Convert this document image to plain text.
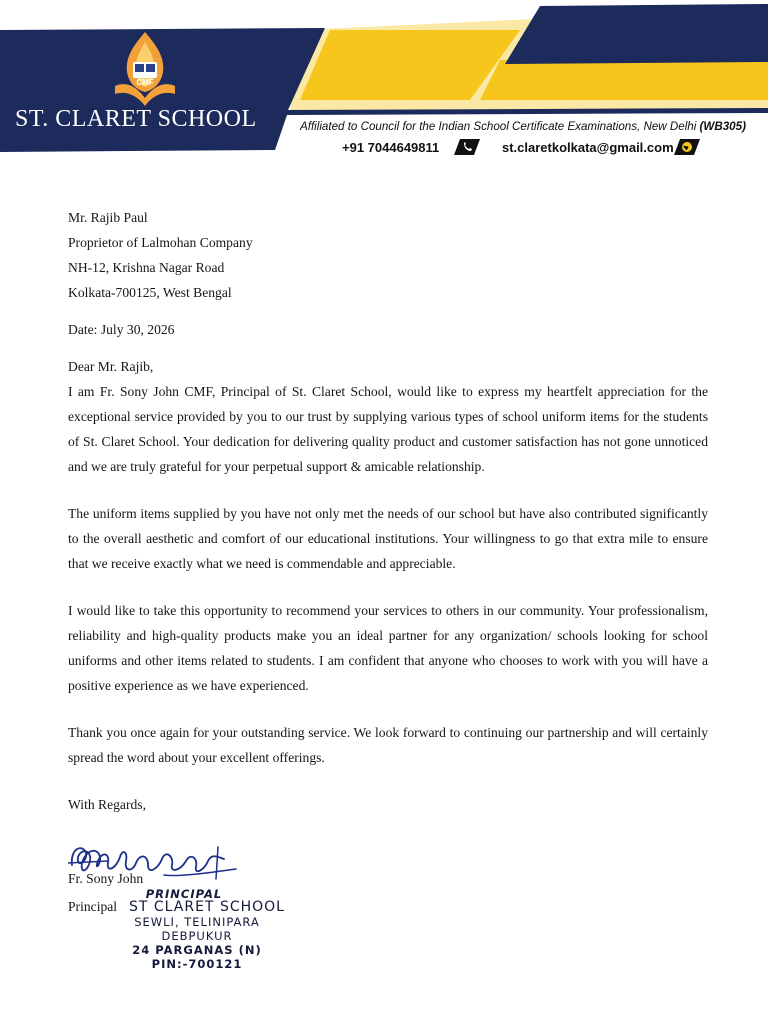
CMF
ST. CLARET SCHOOL	Affiliated to Council for the Indian School Certificate Examinations, New Delhi (WB305)
+91 7044649811	st.claretkolkata@gmail.com
Mr. Rajib Paul
Proprietor of Lalmohan Company
NH-12, Krishna Nagar Road
Kolkata-700125, West Bengal
Date: July 30, 2026
Dear Mr. Rajib,

I am Fr. Sony John CMF, Principal of St. Claret School, would like to express my heartfelt appreciation for the exceptional service provided by you to our trust by supplying various types of school uniform items for the students of St. Claret School. Your dedication for delivering quality product and customer satisfaction has not gone unnoticed and we are truly grateful for your perpetual support & amicable relationship.

The uniform items supplied by you have not only met the needs of our school but have also contributed significantly to the overall aesthetic and comfort of our educational institutions. Your willingness to go that extra mile to ensure that we receive exactly what we need is commendable and appreciable.

I would like to take this opportunity to recommend your services to others in our community. Your professionalism, reliability and high-quality products make you an ideal partner for any organization/ schools looking for school uniforms and other items related to students. I am confident that anyone who chooses to work with you will have a positive experience as we have experienced.

Thank you once again for your outstanding service. We look forward to continuing our partnership and will certainly spread the word about your excellent offerings.

With Regards,
Fr. Sony John
Principal
PRINCIPAL
ST CLARET SCHOOL
SEWLI, TELINIPARA
DEBPUKUR
24 PARGANAS (N)
PIN:-700121
